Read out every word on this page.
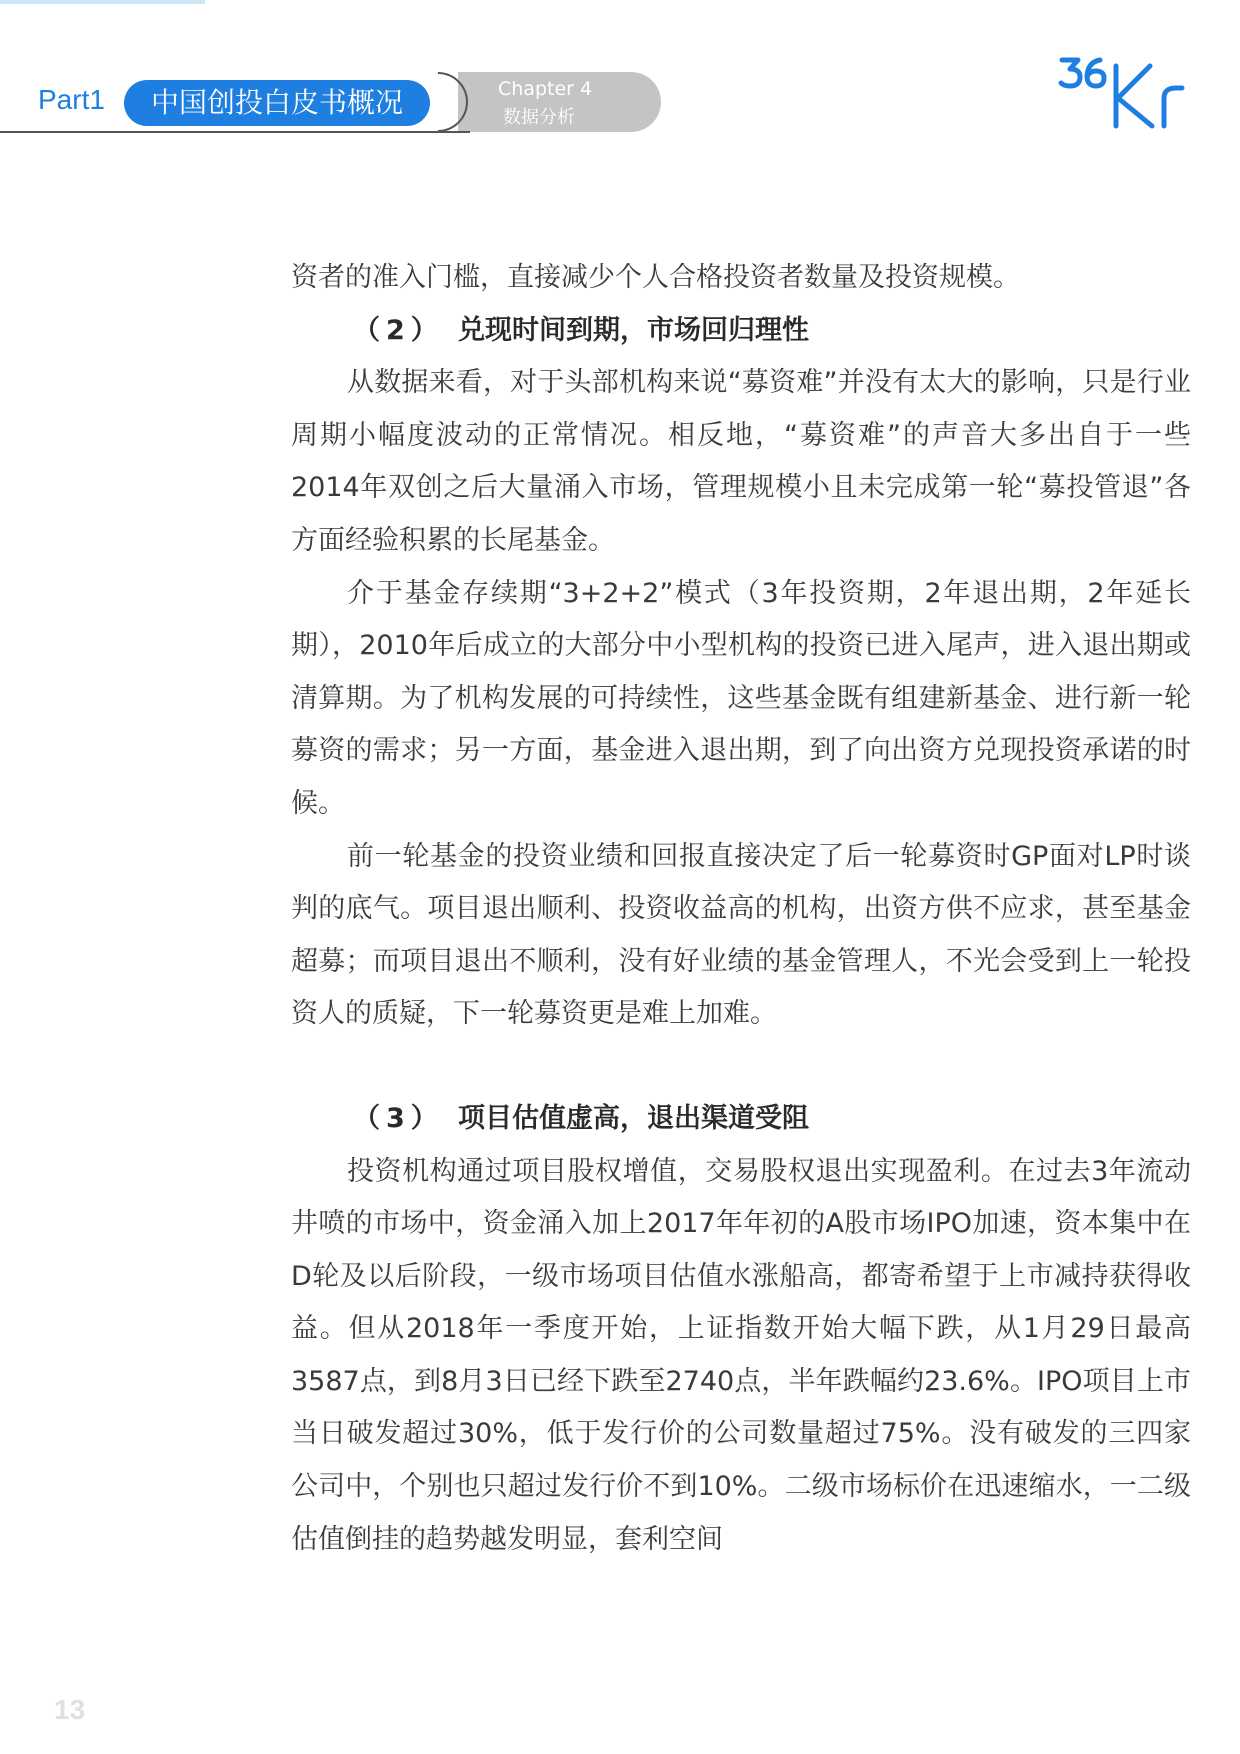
Part1	中国创投白皮书概况	Chapter 4
数据分析

资者的准入门槛，直接减少个人合格投资者数量及投资规模。

（2） 兑现时间到期，市场回归理性

从数据来看，对于头部机构来说“募资难”并没有太大的影响，只是行业周期小幅度波动的正常情况。相反地，“募资难”的声音大多出自于一些2014年双创之后大量涌入市场，管理规模小且未完成第一轮“募投管退”各方面经验积累的长尾基金。

介于基金存续期“3+2+2”模式（3年投资期，2年退出期，2年延长期），2010年后成立的大部分中小型机构的投资已进入尾声，进入退出期或清算期。为了机构发展的可持续性，这些基金既有组建新基金、进行新一轮募资的需求；另一方面，基金进入退出期，到了向出资方兑现投资承诺的时候。

前一轮基金的投资业绩和回报直接决定了后一轮募资时GP面对LP时谈判的底气。项目退出顺利、投资收益高的机构，出资方供不应求，甚至基金超募；而项目退出不顺利，没有好业绩的基金管理人，不光会受到上一轮投资人的质疑，下一轮募资更是难上加难。

（3） 项目估值虚高，退出渠道受阻

投资机构通过项目股权增值，交易股权退出实现盈利。在过去3年流动井喷的市场中，资金涌入加上2017年年初的A股市场IPO加速，资本集中在D轮及以后阶段，一级市场项目估值水涨船高，都寄希望于上市减持获得收益。但从2018年一季度开始，上证指数开始大幅下跌，从1月29日最高3587点，到8月3日已经下跌至2740点，半年跌幅约23.6%。IPO项目上市当日破发超过30%，低于发行价的公司数量超过75%。没有破发的三四家公司中，个别也只超过发行价不到10%。二级市场标价在迅速缩水，一二级估值倒挂的趋势越发明显，套利空间

13
